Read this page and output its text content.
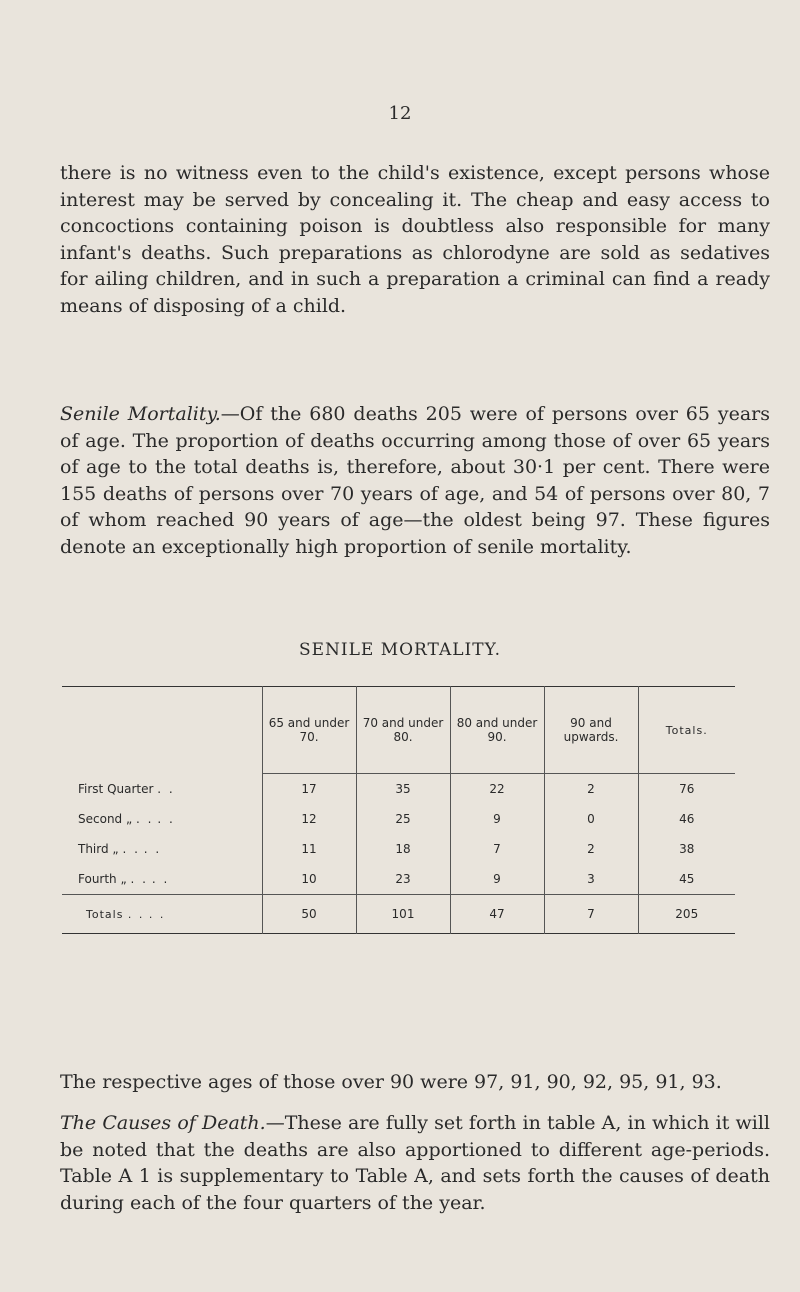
12

there is no witness even to the child's existence, except persons whose interest may be served by concealing it. The cheap and easy access to concoctions containing poison is doubtless also responsible for many infant's deaths. Such preparations as chlorodyne are sold as sedatives for ailing children, and in such a preparation a criminal can find a ready means of disposing of a child.

Senile Mortality.—Of the 680 deaths 205 were of persons over 65 years of age. The proportion of deaths occurring among those of over 65 years of age to the total deaths is, therefore, about 30·1 per cent. There were 155 deaths of persons over 70 years of age, and 54 of persons over 80, 7 of whom reached 90 years of age—the oldest being 97. These figures denote an exceptionally high proportion of senile mortality.

SENILE MORTALITY.
	65 and under 70.	70 and under 80.	80 and under 90.	90 and upwards.	Totals.
First Quarter . .	17	35	22	2	76
Second „ . . . .	12	25	9	0	46
Third „ . . . .	11	18	7	2	38
Fourth „ . . . .	10	23	9	3	45
Totals . . . .	50	101	47	7	205

The respective ages of those over 90 were 97, 91, 90, 92, 95, 91, 93.

The Causes of Death.—These are fully set forth in table A, in which it will be noted that the deaths are also apportioned to different age-periods. Table A 1 is supplementary to Table A, and sets forth the causes of death during each of the four quarters of the year.
